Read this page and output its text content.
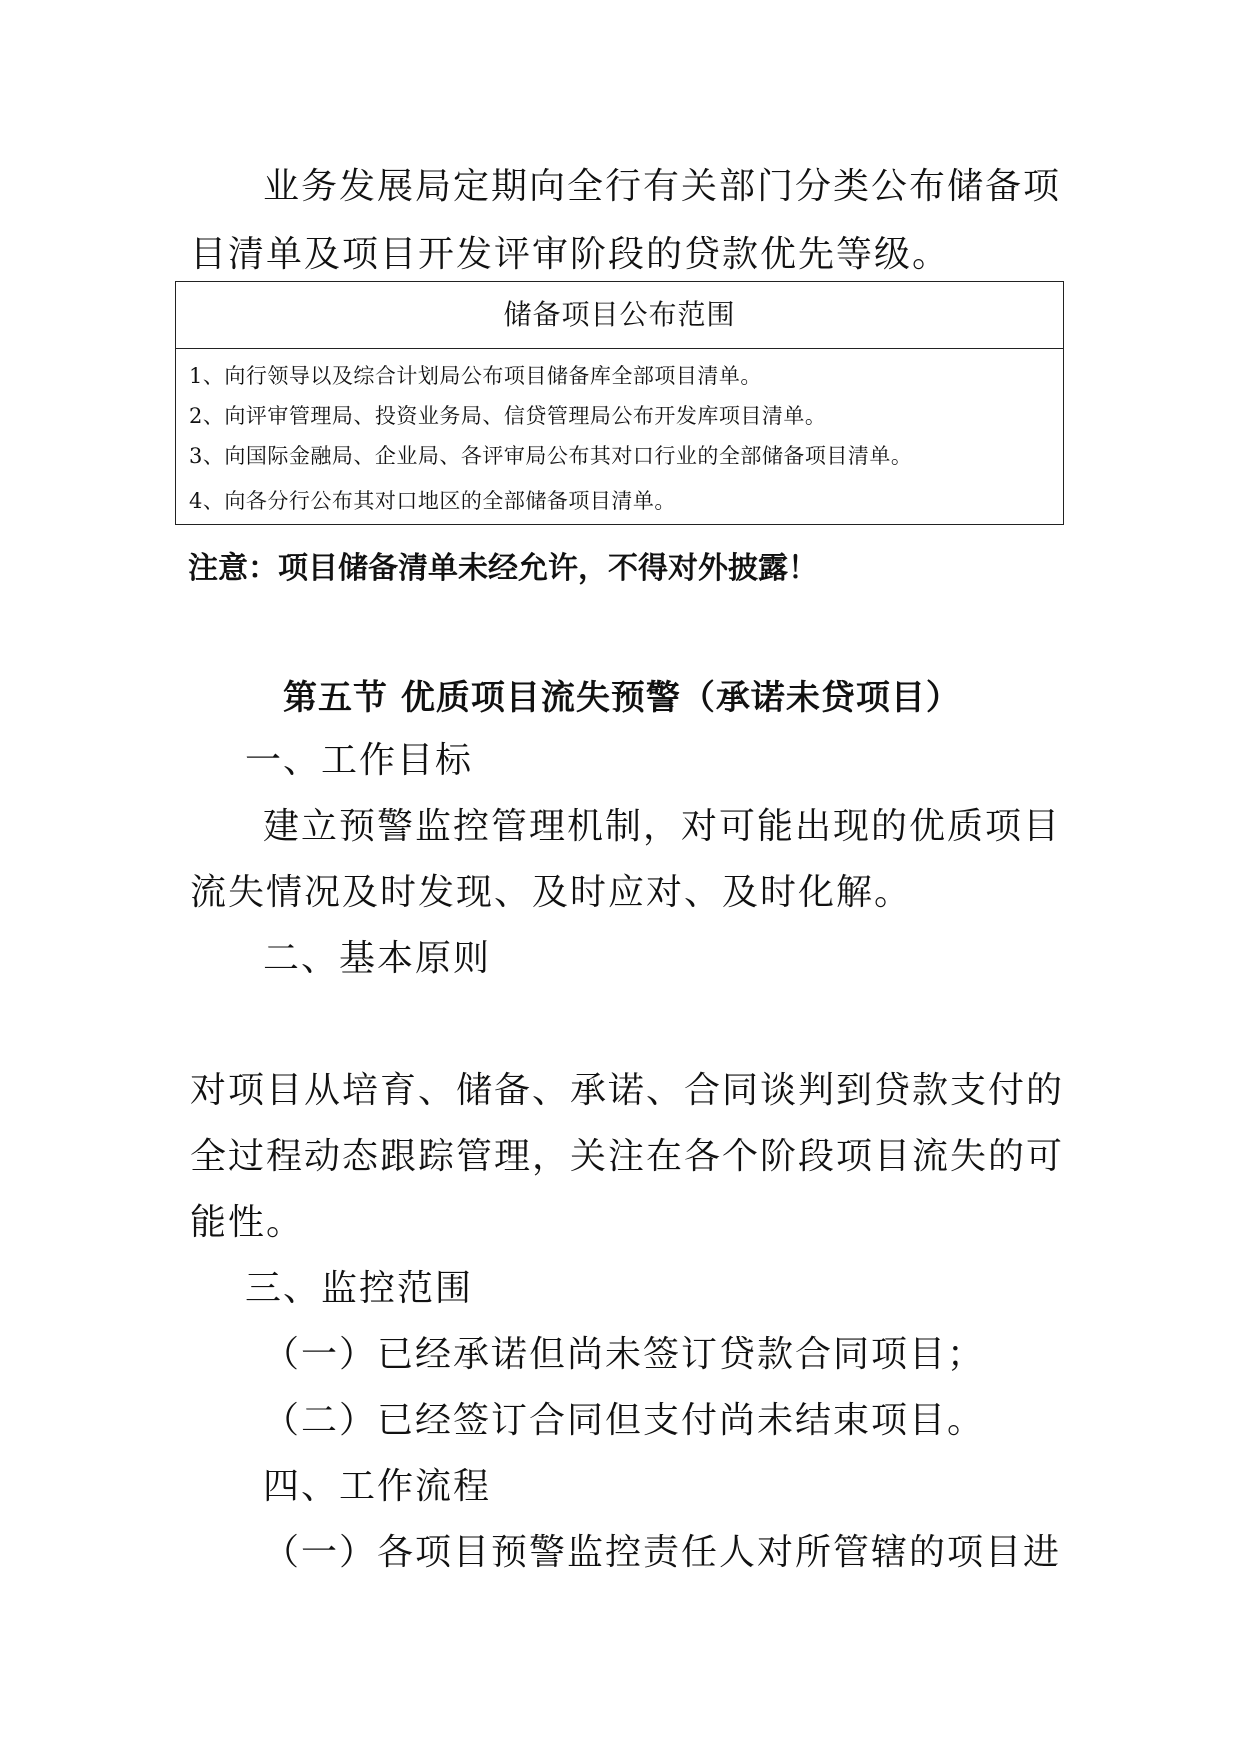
业务发展局定期向全行有关部门分类公布储备项
目清单及项目开发评审阶段的贷款优先等级。
储备项目公布范围
1、向行领导以及综合计划局公布项目储备库全部项目清单。
2、向评审管理局、投资业务局、信贷管理局公布开发库项目清单。
3、向国际金融局、企业局、各评审局公布其对口行业的全部储备项目清单。
4、向各分行公布其对口地区的全部储备项目清单。
注意：项目储备清单未经允许，不得对外披露！
第五节 优质项目流失预警（承诺未贷项目）
一、工作目标
建立预警监控管理机制，对可能出现的优质项目
流失情况及时发现、及时应对、及时化解。
二、基本原则
对项目从培育、储备、承诺、合同谈判到贷款支付的
全过程动态跟踪管理，关注在各个阶段项目流失的可
能性。
三、监控范围
（一）已经承诺但尚未签订贷款合同项目；
（二）已经签订合同但支付尚未结束项目。
四、工作流程
（一）各项目预警监控责任人对所管辖的项目进
